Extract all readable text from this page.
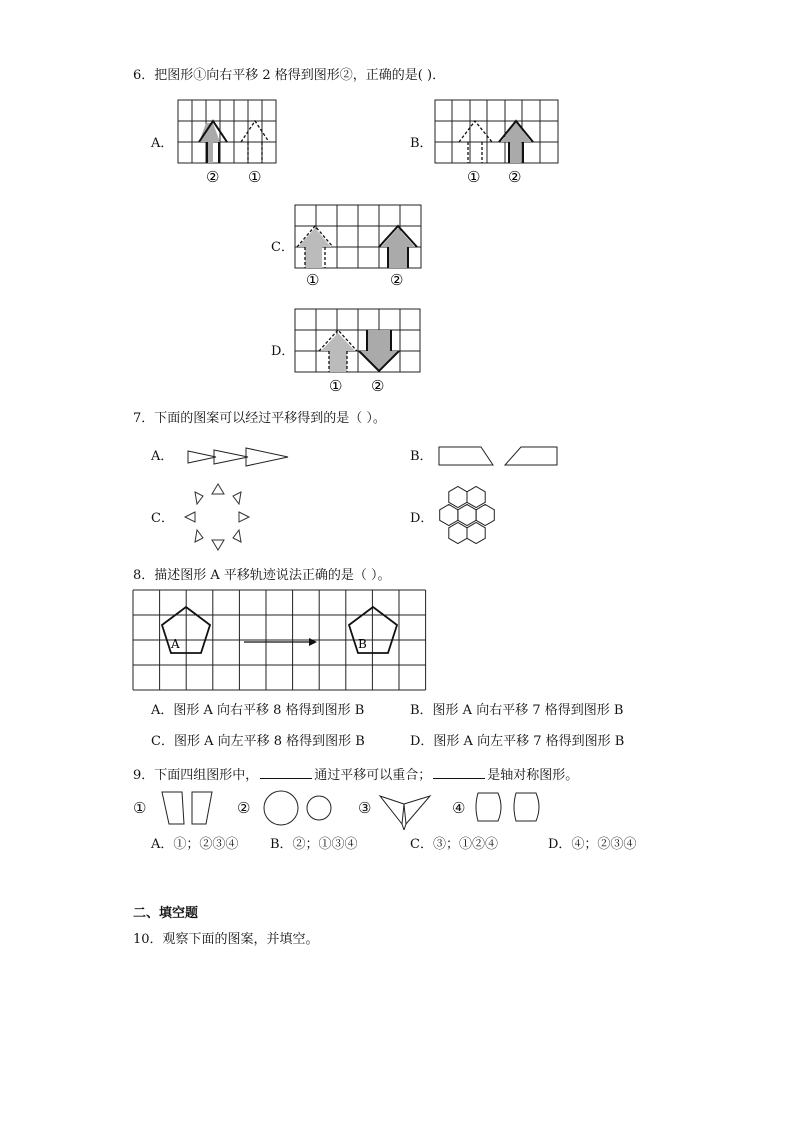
6．把图形①向右平移 2 格得到图形②，正确的是( )．
A．
② ①
B．
① ②
C．
①	②
D．
① ②
7．下面的图案可以经过平移得到的是（ ）。
A．	B．
C．	D．
8．描述图形 A 平移轨迹说法正确的是（ ）。
A	B
A．图形 A 向右平移 8 格得到图形 B	B．图形 A 向右平移 7 格得到图形 B
C．图形 A 向左平移 8 格得到图形 B	D．图形 A 向左平移 7 格得到图形 B
9．下面四组图形中，	通过平移可以重合；	是轴对称图形。
①	②	③	④
A．①；②③④ B．②；①③④	C．③；①②④	D．④；②③④
二、填空题
10．观察下面的图案，并填空。
